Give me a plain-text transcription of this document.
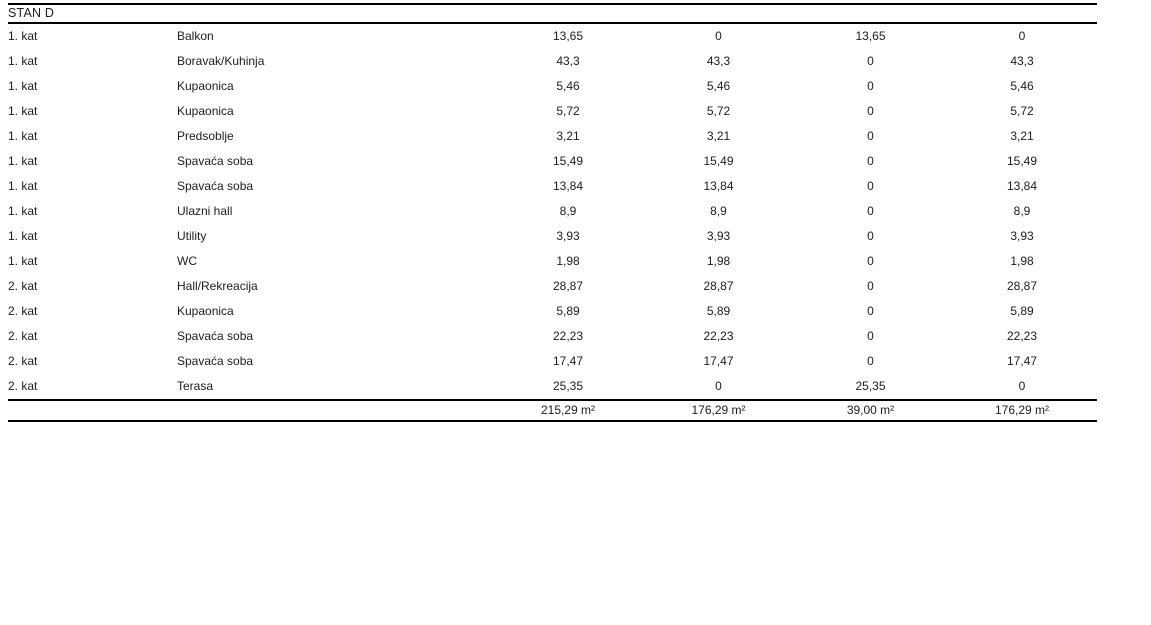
STAN D					
1. kat	Balkon	13,65	0	13,65	0
1. kat	Boravak/Kuhinja	43,3	43,3	0	43,3
1. kat	Kupaonica	5,46	5,46	0	5,46
1. kat	Kupaonica	5,72	5,72	0	5,72
1. kat	Predsoblje	3,21	3,21	0	3,21
1. kat	Spavaća soba	15,49	15,49	0	15,49
1. kat	Spavaća soba	13,84	13,84	0	13,84
1. kat	Ulazni hall	8,9	8,9	0	8,9
1. kat	Utility	3,93	3,93	0	3,93
1. kat	WC	1,98	1,98	0	1,98
2. kat	Hall/Rekreacija	28,87	28,87	0	28,87
2. kat	Kupaonica	5,89	5,89	0	5,89
2. kat	Spavaća soba	22,23	22,23	0	22,23
2. kat	Spavaća soba	17,47	17,47	0	17,47
2. kat	Terasa	25,35	0	25,35	0
		215,29 m²	176,29 m²	39,00 m²	176,29 m²
